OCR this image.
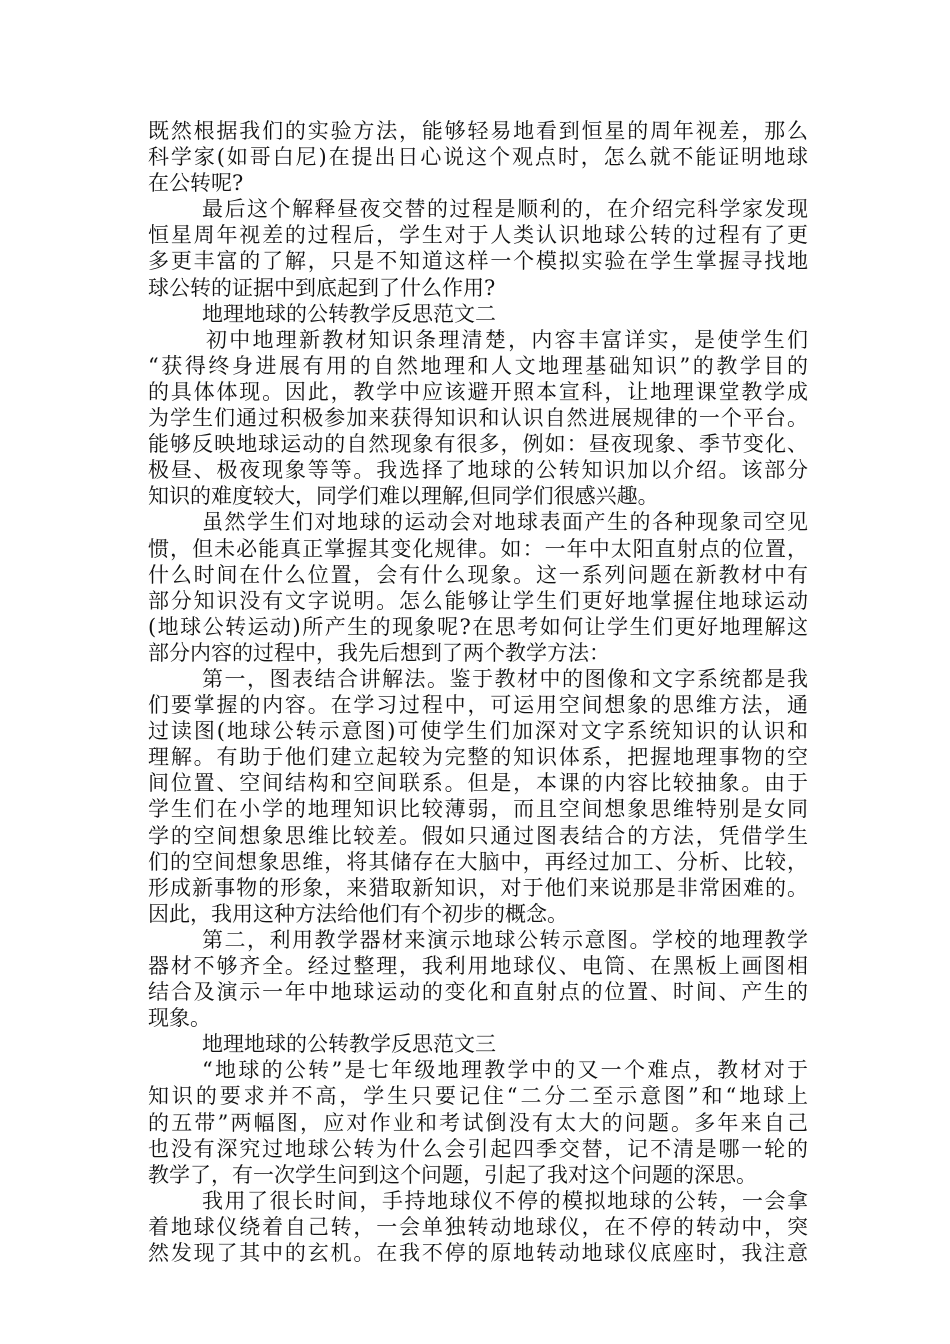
既然根据我们的实验方法，能够轻易地看到恒星的周年视差，那么
科学家(如哥白尼)在提出日心说这个观点时，怎么就不能证明地球
在公转呢?
最后这个解释昼夜交替的过程是顺利的，在介绍完科学家发现
恒星周年视差的过程后，学生对于人类认识地球公转的过程有了更
多更丰富的了解，只是不知道这样一个模拟实验在学生掌握寻找地
球公转的证据中到底起到了什么作用?
地理地球的公转教学反思范文二
初中地理新教材知识条理清楚，内容丰富详实，是使学生们
“获得终身进展有用的自然地理和人文地理基础知识”的教学目的
的具体体现。因此，教学中应该避开照本宣科，让地理课堂教学成
为学生们通过积极参加来获得知识和认识自然进展规律的一个平台。
能够反映地球运动的自然现象有很多，例如：昼夜现象、季节变化、
极昼、极夜现象等等。我选择了地球的公转知识加以介绍。该部分
知识的难度较大，同学们难以理解,但同学们很感兴趣。
虽然学生们对地球的运动会对地球表面产生的各种现象司空见
惯，但未必能真正掌握其变化规律。如：一年中太阳直射点的位置，
什么时间在什么位置，会有什么现象。这一系列问题在新教材中有
部分知识没有文字说明。怎么能够让学生们更好地掌握住地球运动
(地球公转运动)所产生的现象呢?在思考如何让学生们更好地理解这
部分内容的过程中，我先后想到了两个教学方法：
第一，图表结合讲解法。鉴于教材中的图像和文字系统都是我
们要掌握的内容。在学习过程中，可运用空间想象的思维方法，通
过读图(地球公转示意图)可使学生们加深对文字系统知识的认识和
理解。有助于他们建立起较为完整的知识体系，把握地理事物的空
间位置、空间结构和空间联系。但是，本课的内容比较抽象。由于
学生们在小学的地理知识比较薄弱，而且空间想象思维特别是女同
学的空间想象思维比较差。假如只通过图表结合的方法，凭借学生
们的空间想象思维，将其储存在大脑中，再经过加工、分析、比较，
形成新事物的形象，来猎取新知识，对于他们来说那是非常困难的。
因此，我用这种方法给他们有个初步的概念。
第二，利用教学器材来演示地球公转示意图。学校的地理教学
器材不够齐全。经过整理，我利用地球仪、电筒、在黑板上画图相
结合及演示一年中地球运动的变化和直射点的位置、时间、产生的
现象。
地理地球的公转教学反思范文三
“地球的公转”是七年级地理教学中的又一个难点，教材对于
知识的要求并不高，学生只要记住“二分二至示意图”和“地球上
的五带”两幅图，应对作业和考试倒没有太大的问题。多年来自己
也没有深究过地球公转为什么会引起四季交替，记不清是哪一轮的
教学了，有一次学生问到这个问题，引起了我对这个问题的深思。
我用了很长时间，手持地球仪不停的模拟地球的公转，一会拿
着地球仪绕着自己转，一会单独转动地球仪，在不停的转动中，突
然发现了其中的玄机。在我不停的原地转动地球仪底座时，我注意
